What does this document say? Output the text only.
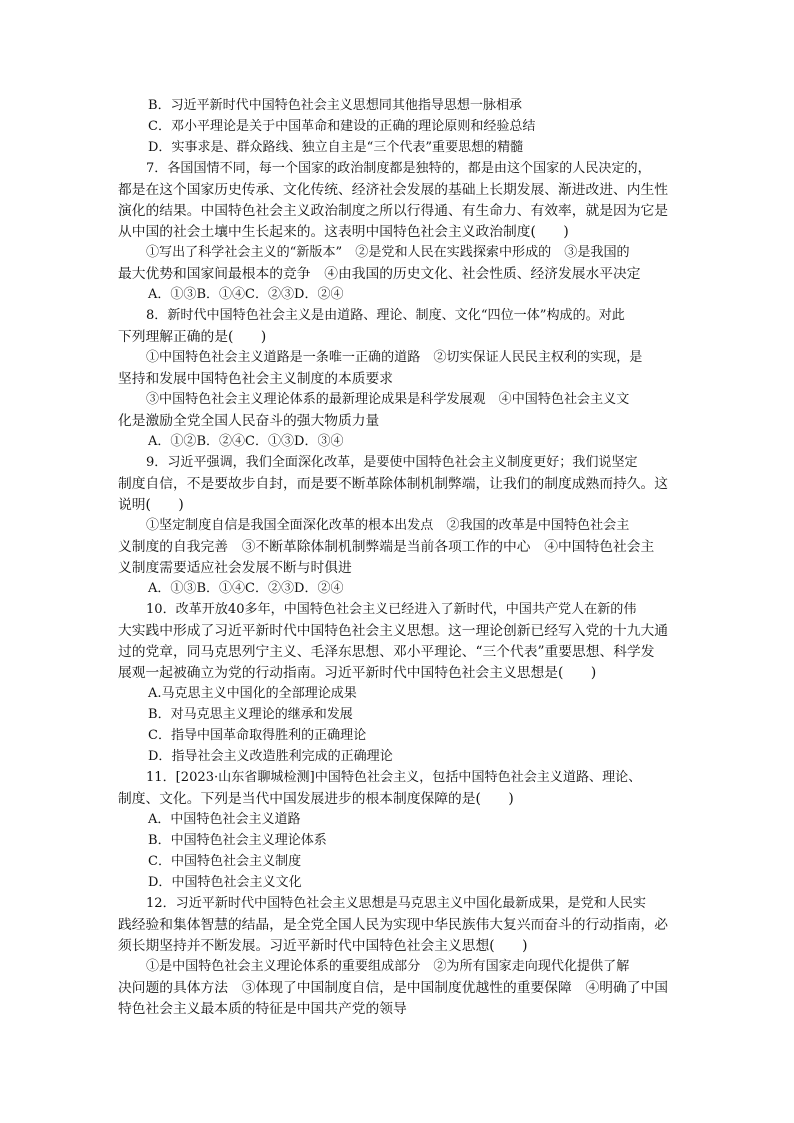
B．习近平新时代中国特色社会主义思想同其他指导思想一脉相承
C．邓小平理论是关于中国革命和建设的正确的理论原则和经验总结
D．实事求是、群众路线、独立自主是“三个代表”重要思想的精髓
7．各国国情不同，每一个国家的政治制度都是独特的，都是由这个国家的人民决定的，
都是在这个国家历史传承、文化传统、经济社会发展的基础上长期发展、渐进改进、内生性
演化的结果。中国特色社会主义政治制度之所以行得通、有生命力、有效率，就是因为它是
从中国的社会土壤中生长起来的。这表明中国特色社会主义政治制度(　　)
①写出了科学社会主义的“新版本”　②是党和人民在实践探索中形成的　③是我国的
最大优势和国家间最根本的竞争　④由我国的历史文化、社会性质、经济发展水平决定
A．①③B．①④C．②③D．②④
8．新时代中国特色社会主义是由道路、理论、制度、文化“四位一体”构成的。对此
下列理解正确的是(　　)
①中国特色社会主义道路是一条唯一正确的道路　②切实保证人民民主权利的实现，是
坚持和发展中国特色社会主义制度的本质要求
③中国特色社会主义理论体系的最新理论成果是科学发展观　④中国特色社会主义文
化是激励全党全国人民奋斗的强大物质力量
A．①②B．②④C．①③D．③④
9．习近平强调，我们全面深化改革，是要使中国特色社会主义制度更好；我们说坚定
制度自信，不是要故步自封，而是要不断革除体制机制弊端，让我们的制度成熟而持久。这
说明(　　)
①坚定制度自信是我国全面深化改革的根本出发点　②我国的改革是中国特色社会主
义制度的自我完善　③不断革除体制机制弊端是当前各项工作的中心　④中国特色社会主
义制度需要适应社会发展不断与时俱进
A．①③B．①④C．②③D．②④
10．改革开放40多年，中国特色社会主义已经进入了新时代，中国共产党人在新的伟
大实践中形成了习近平新时代中国特色社会主义思想。这一理论创新已经写入党的十九大通
过的党章，同马克思列宁主义、毛泽东思想、邓小平理论、“三个代表”重要思想、科学发
展观一起被确立为党的行动指南。习近平新时代中国特色社会主义思想是(　　)
A.马克思主义中国化的全部理论成果
B．对马克思主义理论的继承和发展
C．指导中国革命取得胜利的正确理论
D．指导社会主义改造胜利完成的正确理论
11．[2023·山东省聊城检测]中国特色社会主义，包括中国特色社会主义道路、理论、
制度、文化。下列是当代中国发展进步的根本制度保障的是(　　)
A．中国特色社会主义道路
B．中国特色社会主义理论体系
C．中国特色社会主义制度
D．中国特色社会主义文化
12．习近平新时代中国特色社会主义思想是马克思主义中国化最新成果，是党和人民实
践经验和集体智慧的结晶，是全党全国人民为实现中华民族伟大复兴而奋斗的行动指南，必
须长期坚持并不断发展。习近平新时代中国特色社会主义思想(　　)
①是中国特色社会主义理论体系的重要组成部分　②为所有国家走向现代化提供了解
决问题的具体方法　③体现了中国制度自信，是中国制度优越性的重要保障　④明确了中国
特色社会主义最本质的特征是中国共产党的领导
